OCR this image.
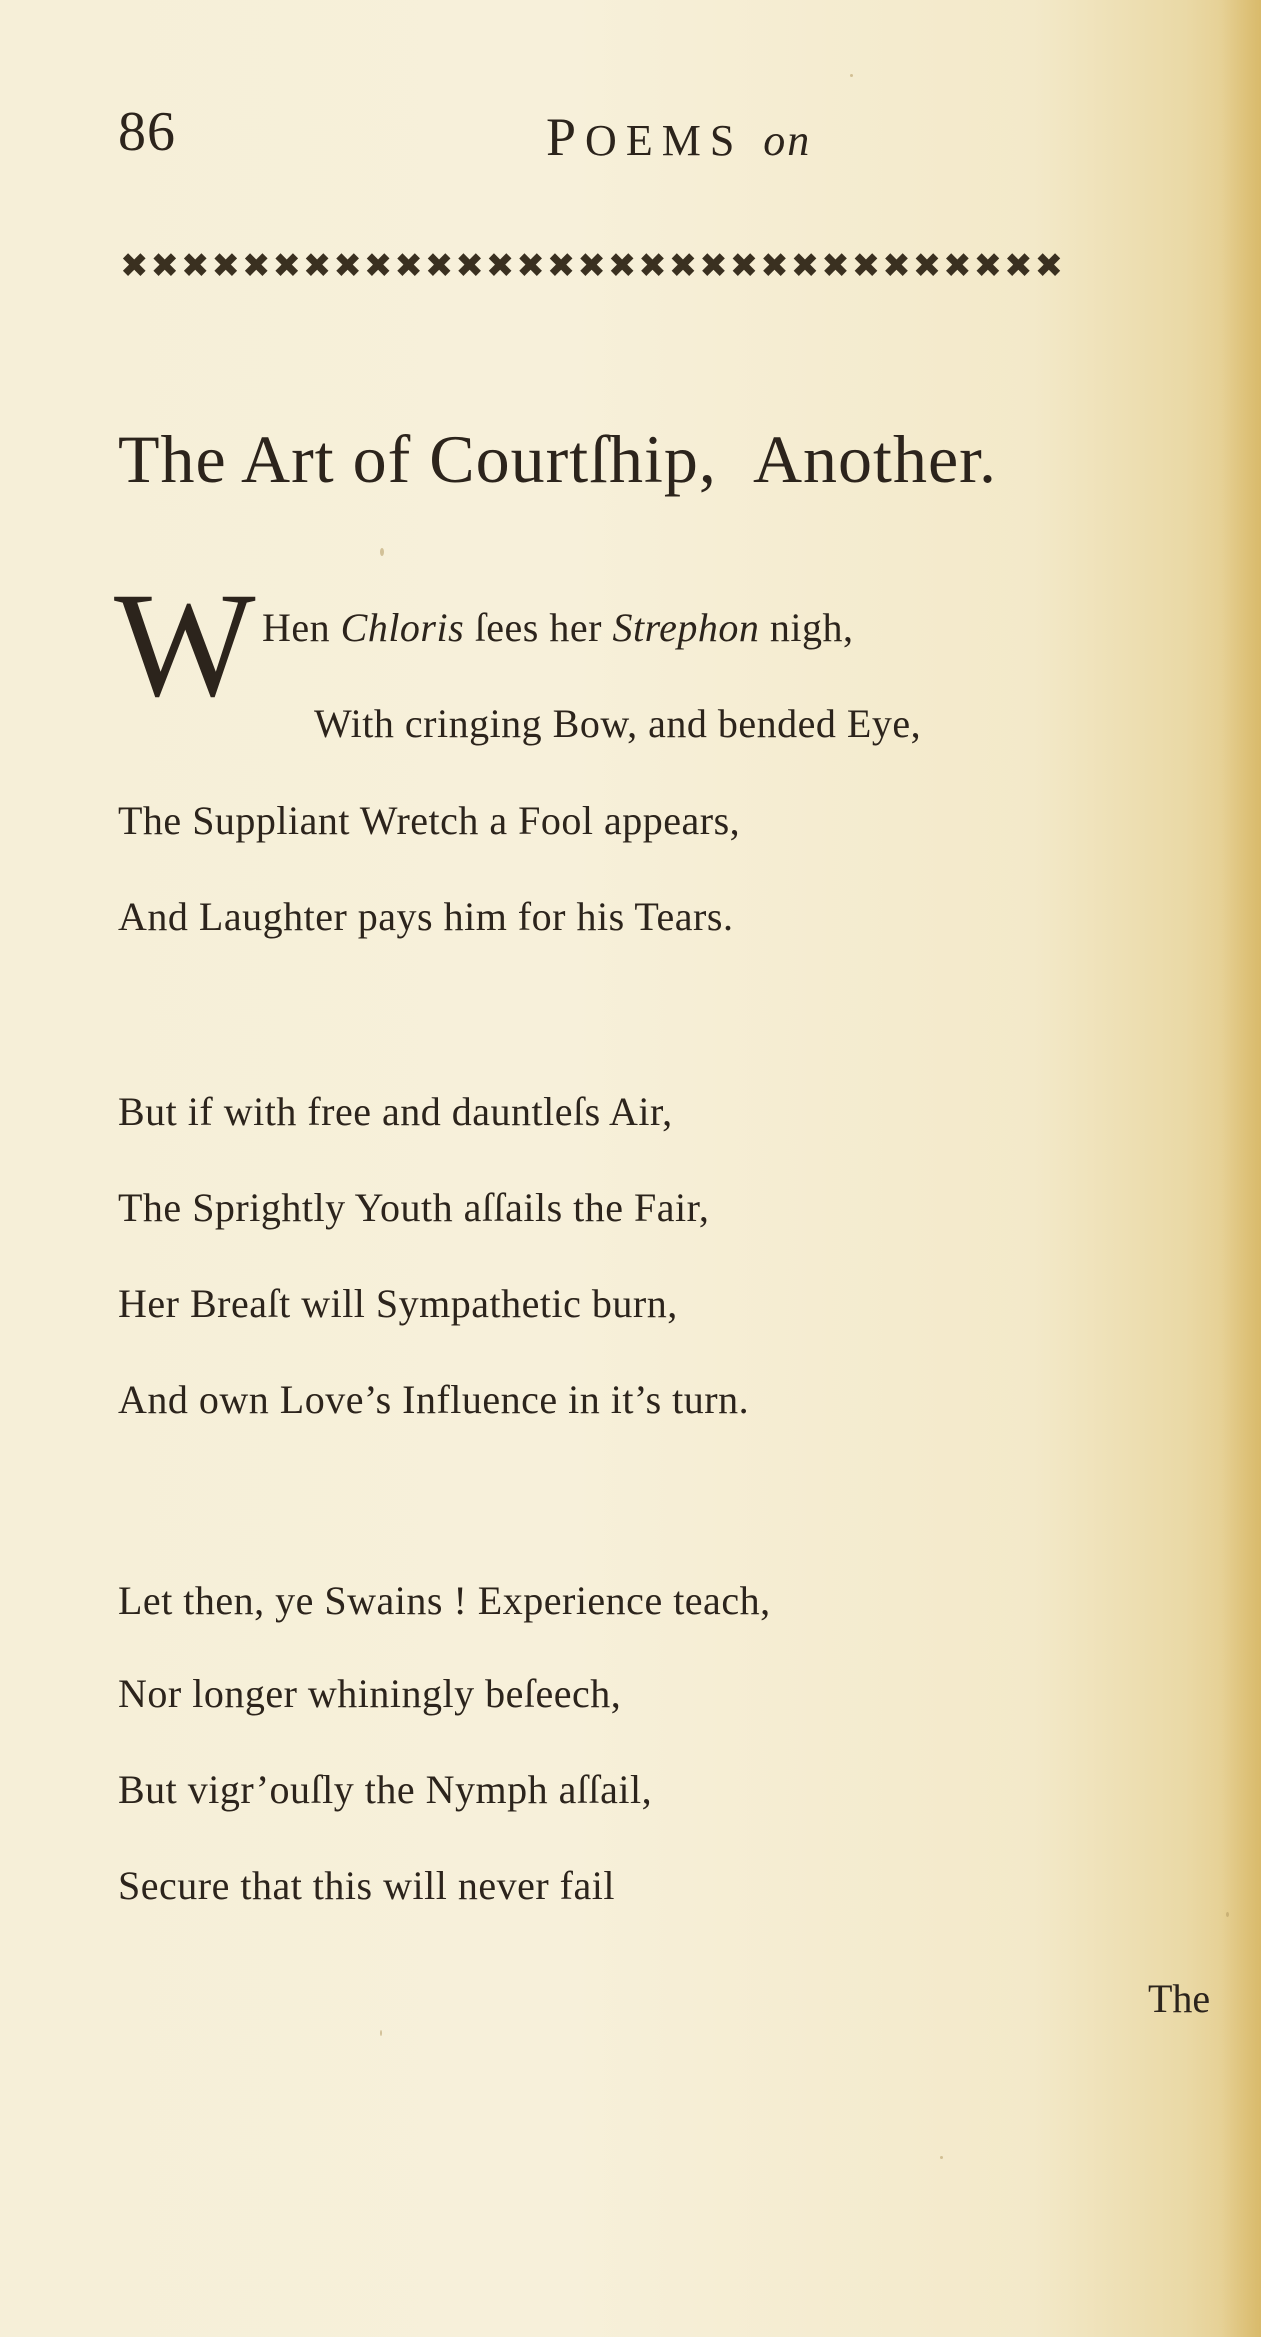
86	POEMS on
✖✖✖✖✖✖✖✖✖✖✖✖✖✖✖✖✖✖✖✖✖✖✖✖✖✖✖✖✖✖✖
The Art of Courtſhip, Another.
W Hen Chloris ſees her Strephon nigh,
With cringing Bow, and bended Eye,
The Suppliant Wretch a Fool appears,
And Laughter pays him for his Tears.
But if with free and dauntleſs Air,
The Sprightly Youth aſſails the Fair,
Her Breaſt will Sympathetic burn,
And own Love’s Influence in it’s turn.
Let then, ye Swains ! Experience teach,
Nor longer whiningly beſeech,
But vigr’ouſly the Nymph aſſail,
Secure that this will never fail
The
